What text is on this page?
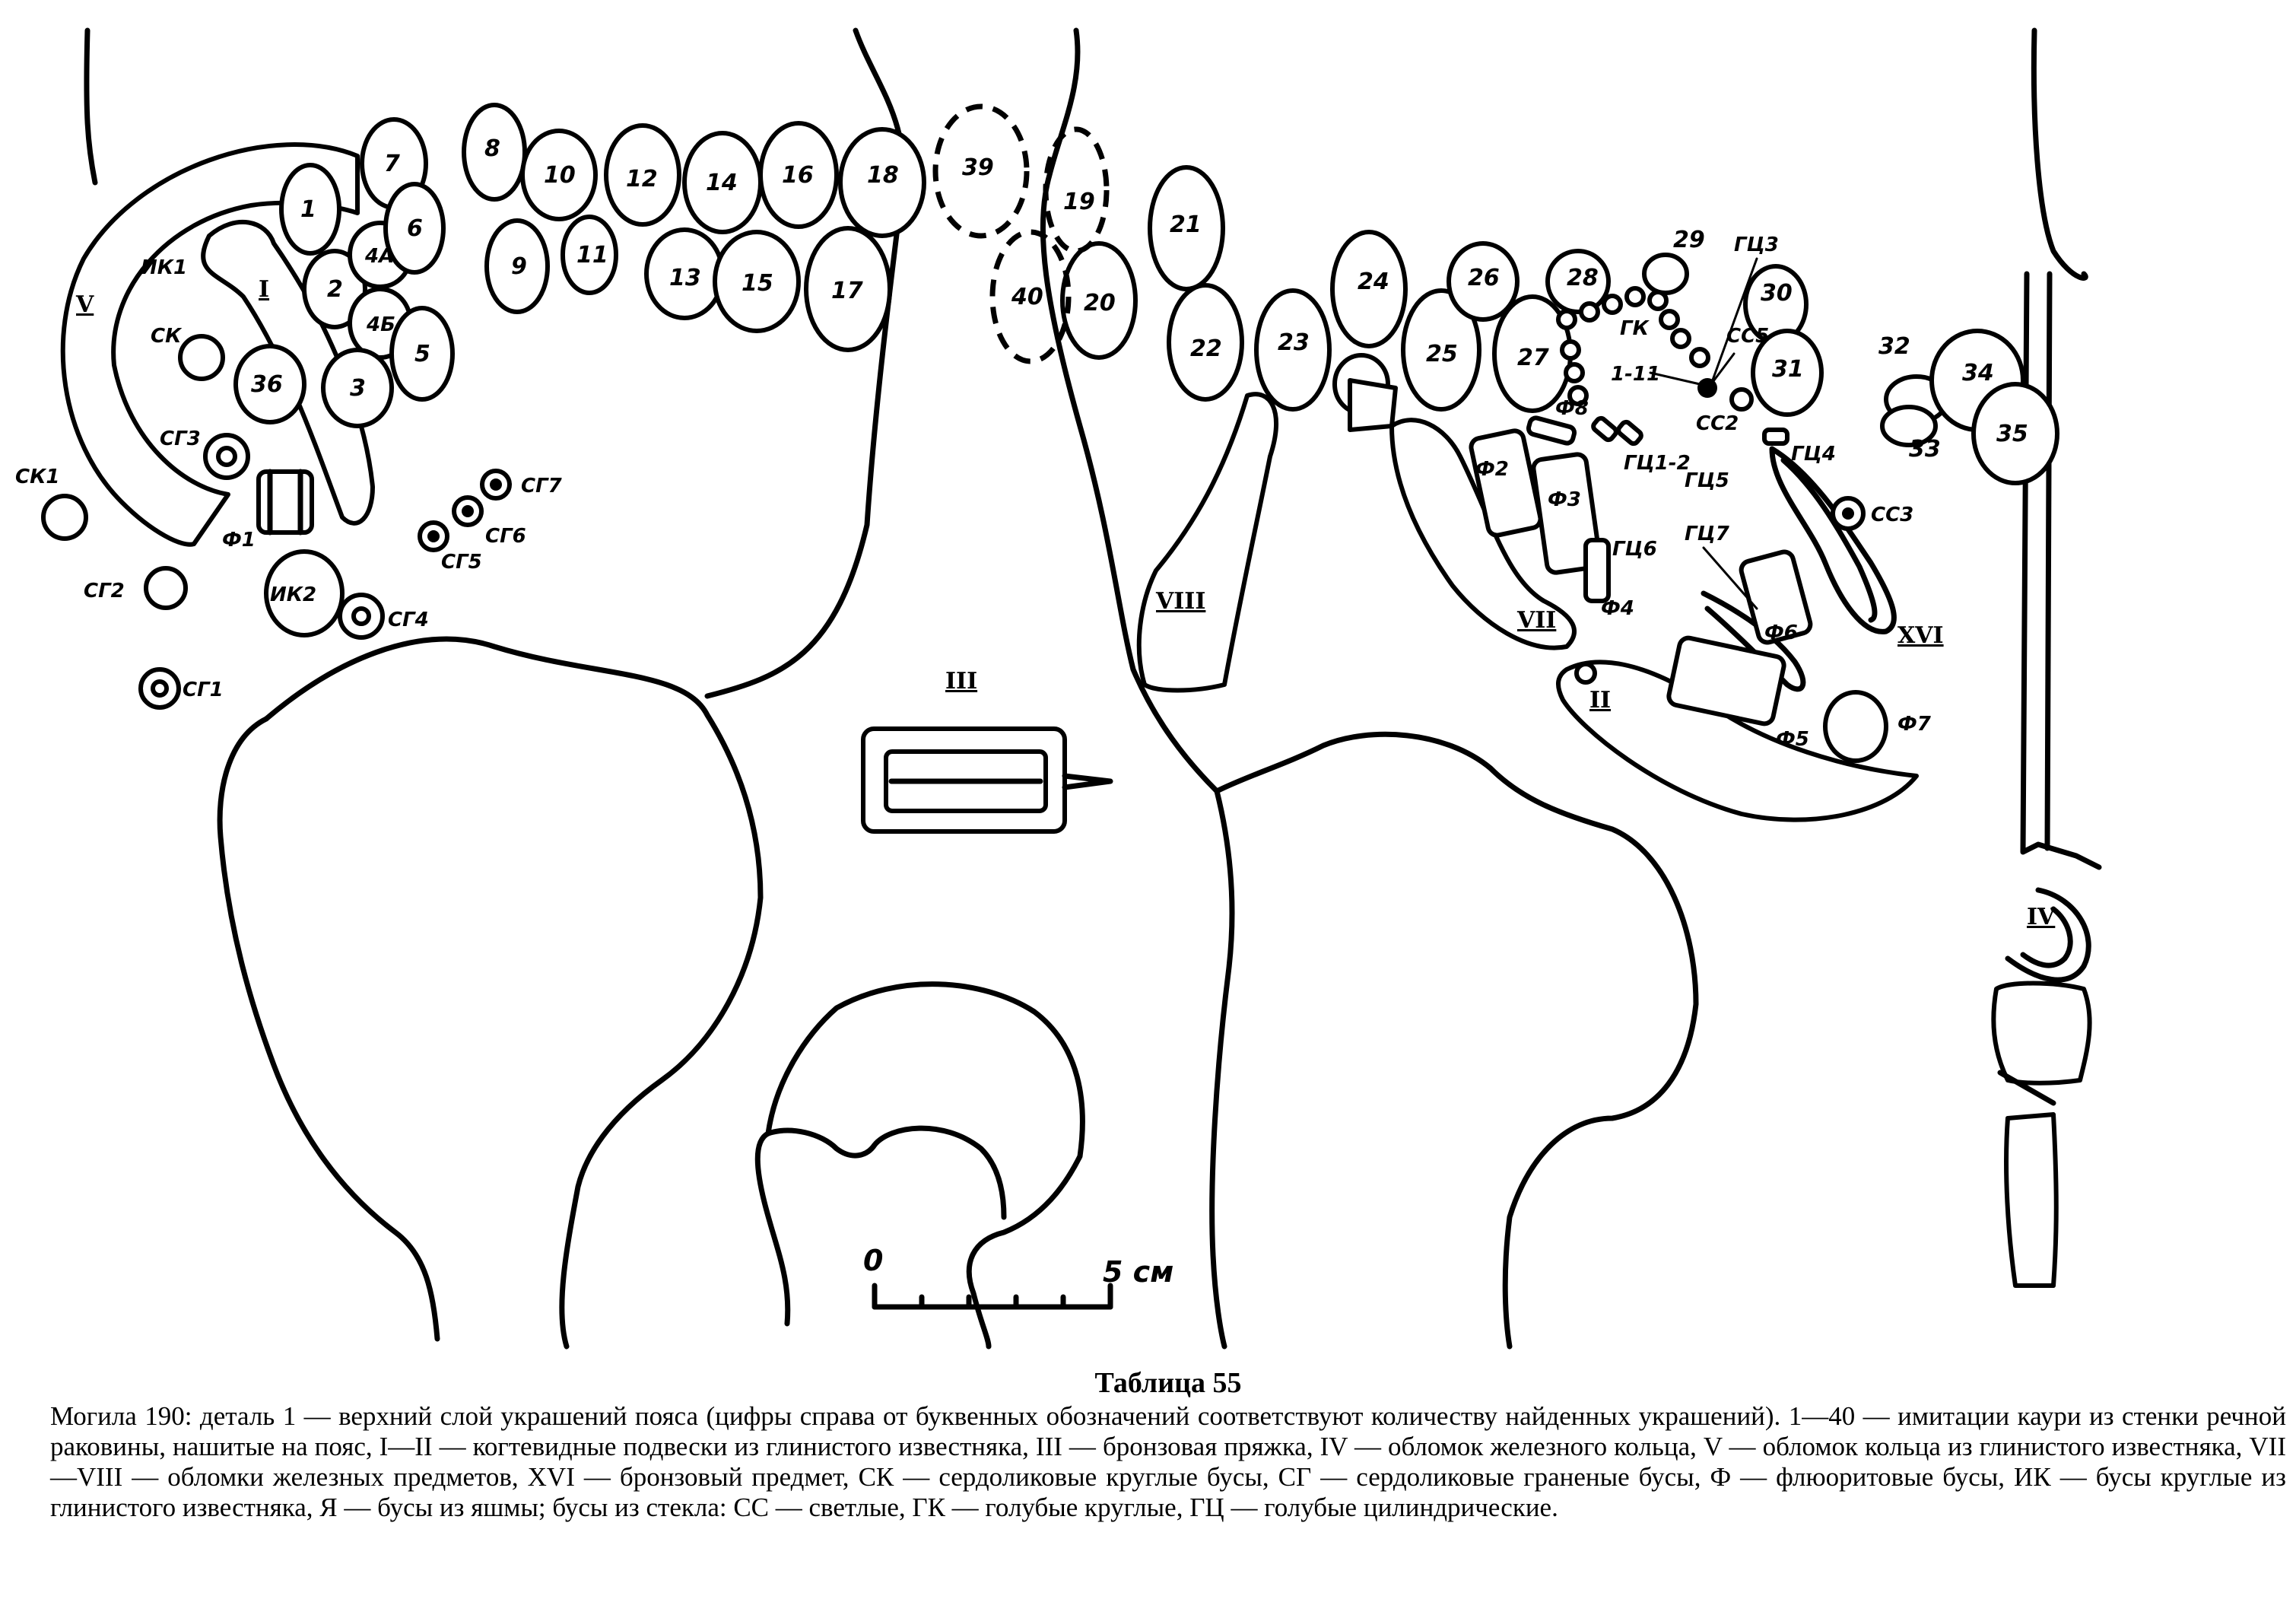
7
1
2
3
4А
4Б
5
6
8
9
10
11
12
13
14
15
16
17
18
19
20
21
22 23
24
25
26
27
28
29
30
31
32
33
34
35
36
39
40
I
II
III
IV
V
VII
VIII
XVI
ИК1
ИК2
СК
СК1
СГ1
СГ2
СГ3
СГ4
СГ5
СГ6
СГ7
Ф1
Ф2
Ф3
Ф4
Ф5
Ф6
Ф7
Ф8
ГК
1-11
ГЦ1-2
ГЦ3
ГЦ4
ГЦ5
ГЦ6
ГЦ7
СС2
СС3
СС5
0	5 см
Таблица 55
Могила 190: деталь 1 — верхний слой украшений пояса (цифры справа от буквенных обозначений соответствуют количеству найденных украшений). 1—40 — имитации каури из стенки речной раковины, нашитые на пояс, I—II — когтевидные подвески из глинистого известняка, III — бронзовая пряжка, IV — обломок железного кольца, V — обломок кольца из глинистого известняка, VII—VIII — обломки железных предметов, XVI — бронзовый предмет, СК — сердоликовые круглые бусы, СГ — сердоликовые граненые бусы, Ф — флюоритовые бусы, ИК — бусы круглые из глинистого известняка, Я — бусы из яшмы; бусы из стекла: СС — светлые, ГК — голубые круглые, ГЦ — голубые цилиндрические.
